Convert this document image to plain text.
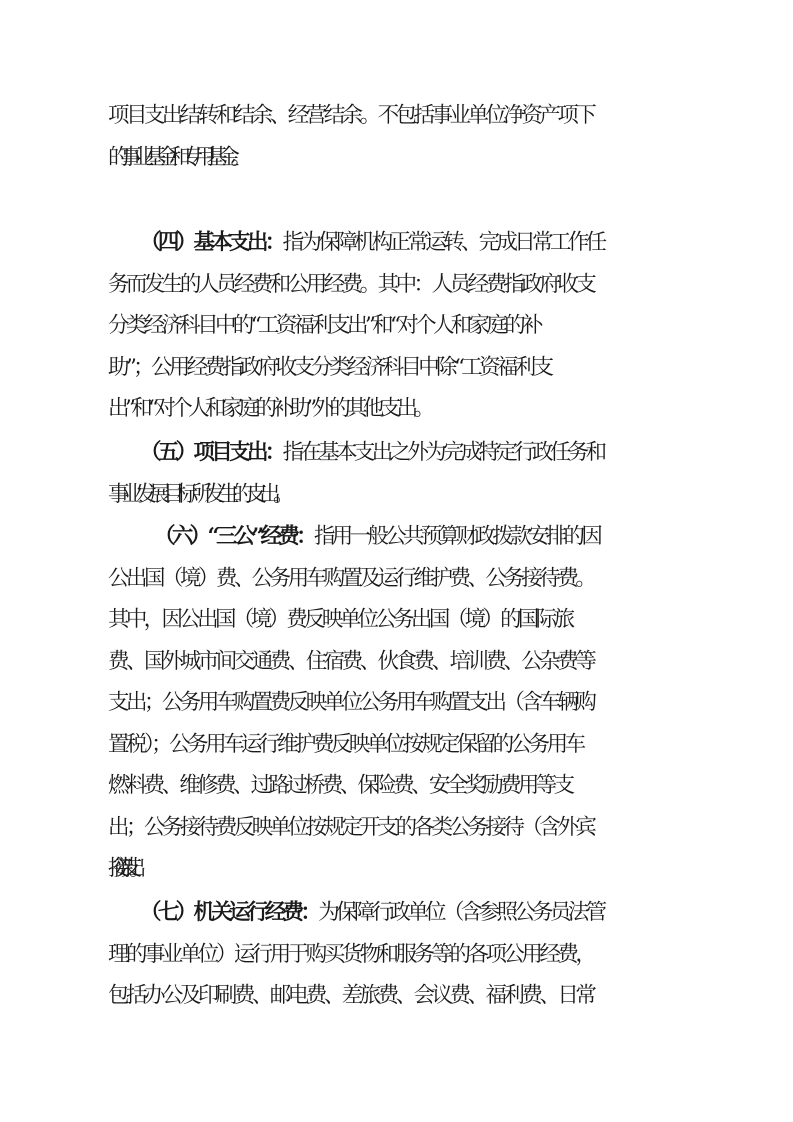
项目支出结转和结余、经营结余。不包括事业单位净资产项下
的事业基金和专用基金。
（四）基本支出：指为保障机构正常运转、完成日常工作任
务而发生的人员经费和公用经费。其中：人员经费指政府收支
分类经济科目中的“工资福利支出”和“对个人和家庭的补
助”；公用经费指政府收支分类经济科目中除“工资福利支
出”和“对个人和家庭的补助”外的其他支出。
（五）项目支出：指在基本支出之外为完成特定行政任务和
事业发展目标所发生的支出。
（六）“三公”经费：指用一般公共预算财政拨款安排的因
公出国（境）费、公务用车购置及运行维护费、公务接待费。
其中，因公出国（境）费反映单位公务出国（境）的国际旅
费、国外城市间交通费、住宿费、伙食费、培训费、公杂费等
支出；公务用车购置费反映单位公务用车购置支出（含车辆购
置税）；公务用车运行维护费反映单位按规定保留的公务用车
燃料费、维修费、过路过桥费、保险费、安全奖励费用等支
出；公务接待费反映单位按规定开支的各类公务接待（含外宾
接待）支出。
（七）机关运行经费：为保障行政单位（含参照公务员法管
理的事业单位）运行用于购买货物和服务等的各项公用经费，
包括办公及印刷费、邮电费、差旅费、会议费、福利费、日常
